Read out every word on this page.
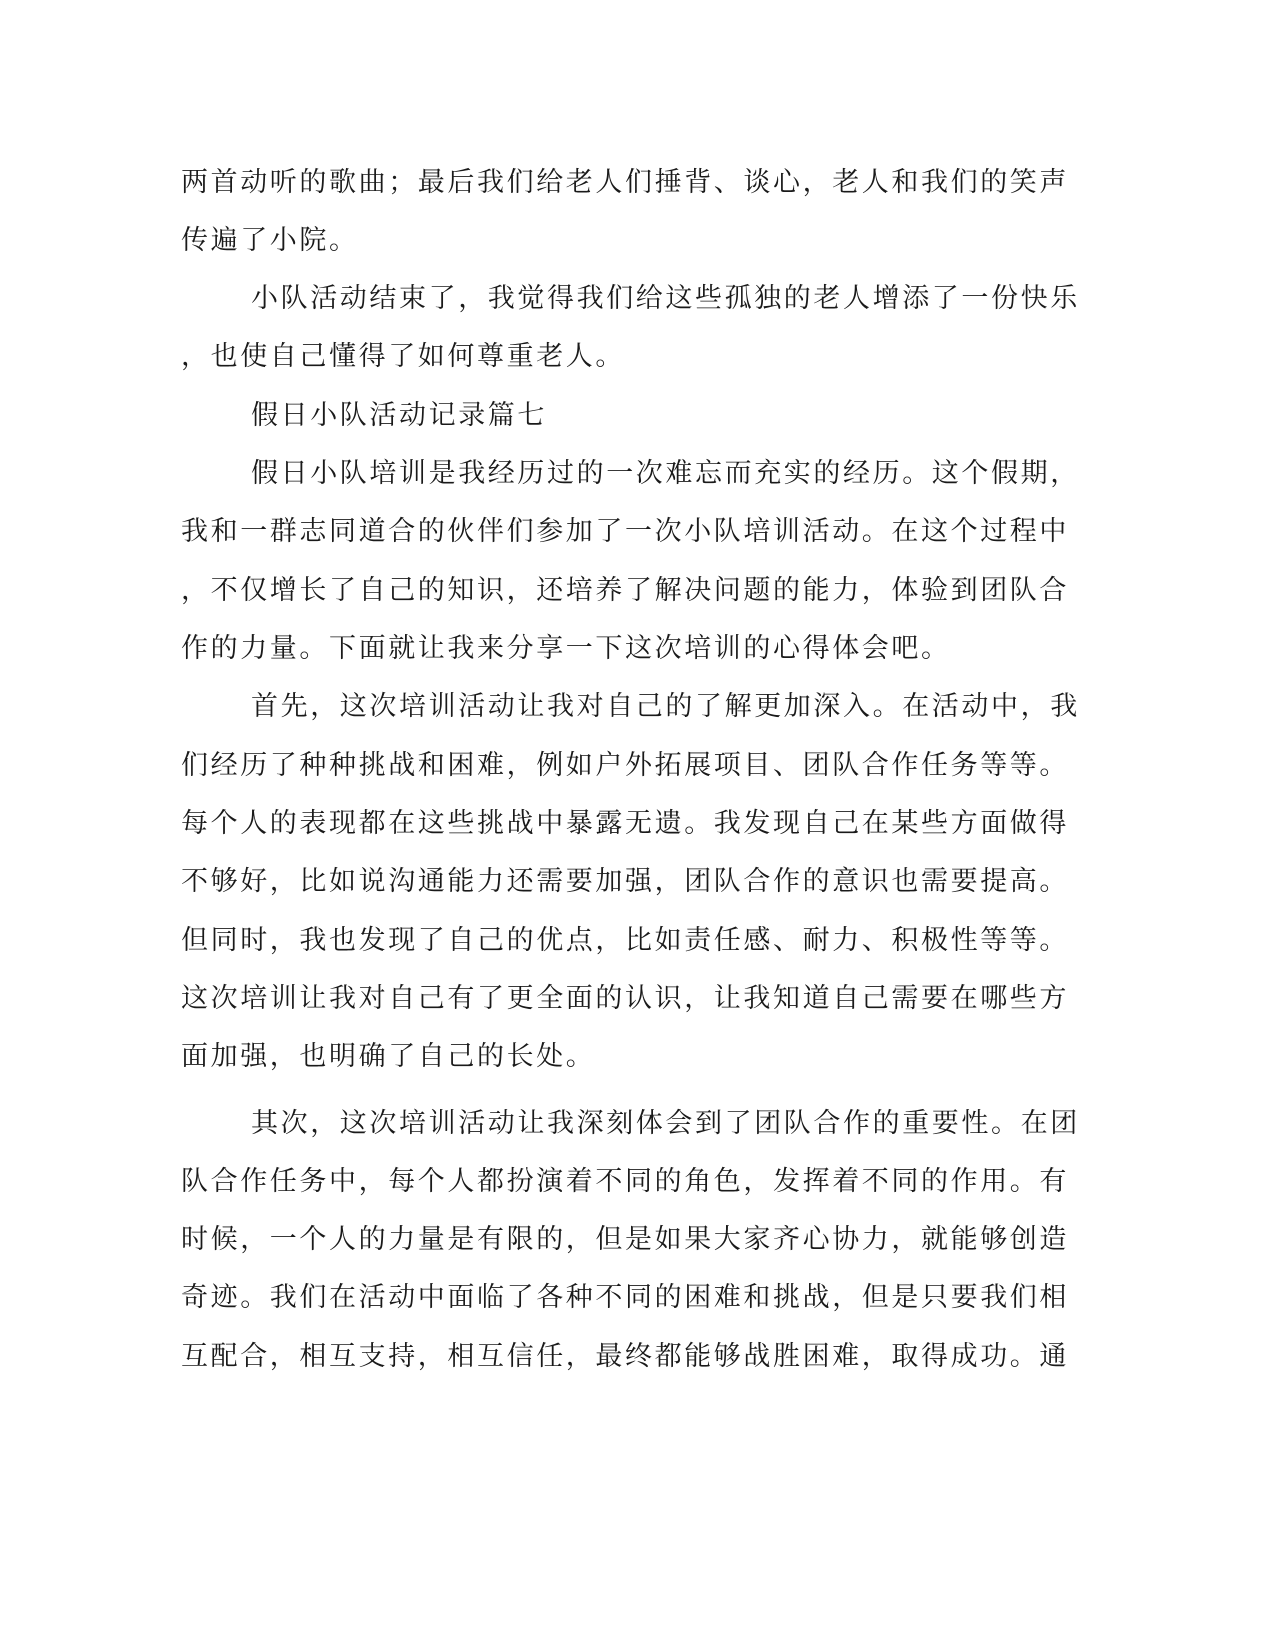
两首动听的歌曲；最后我们给老人们捶背、谈心，老人和我们的笑声

传遍了小院。

小队活动结束了，我觉得我们给这些孤独的老人增添了一份快乐

，也使自己懂得了如何尊重老人。

假日小队活动记录篇七

假日小队培训是我经历过的一次难忘而充实的经历。这个假期，

我和一群志同道合的伙伴们参加了一次小队培训活动。在这个过程中

，不仅增长了自己的知识，还培养了解决问题的能力，体验到团队合

作的力量。下面就让我来分享一下这次培训的心得体会吧。

首先，这次培训活动让我对自己的了解更加深入。在活动中，我

们经历了种种挑战和困难，例如户外拓展项目、团队合作任务等等。

每个人的表现都在这些挑战中暴露无遗。我发现自己在某些方面做得

不够好，比如说沟通能力还需要加强，团队合作的意识也需要提高。

但同时，我也发现了自己的优点，比如责任感、耐力、积极性等等。

这次培训让我对自己有了更全面的认识，让我知道自己需要在哪些方

面加强，也明确了自己的长处。

其次，这次培训活动让我深刻体会到了团队合作的重要性。在团

队合作任务中，每个人都扮演着不同的角色，发挥着不同的作用。有

时候，一个人的力量是有限的，但是如果大家齐心协力，就能够创造

奇迹。我们在活动中面临了各种不同的困难和挑战，但是只要我们相

互配合，相互支持，相互信任，最终都能够战胜困难，取得成功。通
